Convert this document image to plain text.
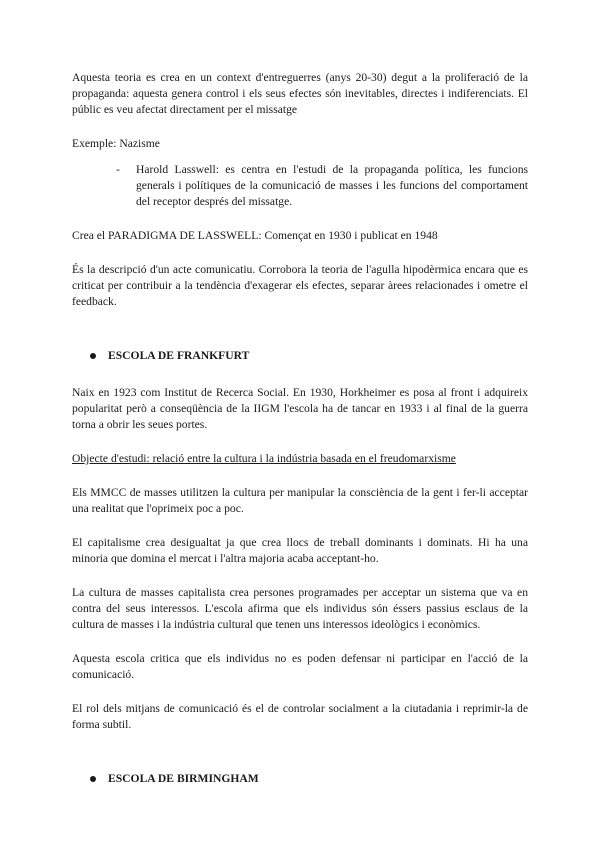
Aquesta teoria es crea en un context d'entreguerres (anys 20-30) degut a la proliferació de la propaganda: aquesta genera control i els seus efectes són inevitables, directes i indiferenciats. El públic es veu afectat directament per el missatge

Exemple: Nazisme

-	Harold Lasswell: es centra en l'estudi de la propaganda política, les funcions generals i polítiques de la comunicació de masses i les funcions del comportament del receptor després del missatge.

Crea el PARADIGMA DE LASSWELL: Començat en 1930 i publicat en 1948

És la descripció d'un acte comunicatiu. Corrobora la teoria de l'agulla hipodèrmica encara que es criticat per contribuir a la tendència d'exagerar els efectes, separar àrees relacionades i ometre el feedback.

ESCOLA DE FRANKFURT

Naix en 1923 com Institut de Recerca Social. En 1930, Horkheimer es posa al front i adquireix popularitat però a conseqüència de la IIGM l'escola ha de tancar en 1933 i al final de la guerra torna a obrir les seues portes.

Objecte d'estudi: relació entre la cultura i la indústria basada en el freudomarxisme

Els MMCC de masses utilitzen la cultura per manipular la consciència de la gent i fer-li acceptar una realitat que l'oprimeix poc a poc.

El capitalisme crea desigualtat ja que crea llocs de treball dominants i dominats. Hi ha una minoria que domina el mercat i l'altra majoria acaba acceptant-ho.

La cultura de masses capitalista crea persones programades per acceptar un sistema que va en contra del seus interessos. L'escola afirma que els individus són éssers passius esclaus de la cultura de masses i la indústria cultural que tenen uns interessos ideològics i econòmics.

Aquesta escola critica que els individus no es poden defensar ni participar en l'acció de la comunicació.

El rol dels mitjans de comunicació és el de controlar socialment a la ciutadania i reprimir-la de forma subtil.

ESCOLA DE BIRMINGHAM
